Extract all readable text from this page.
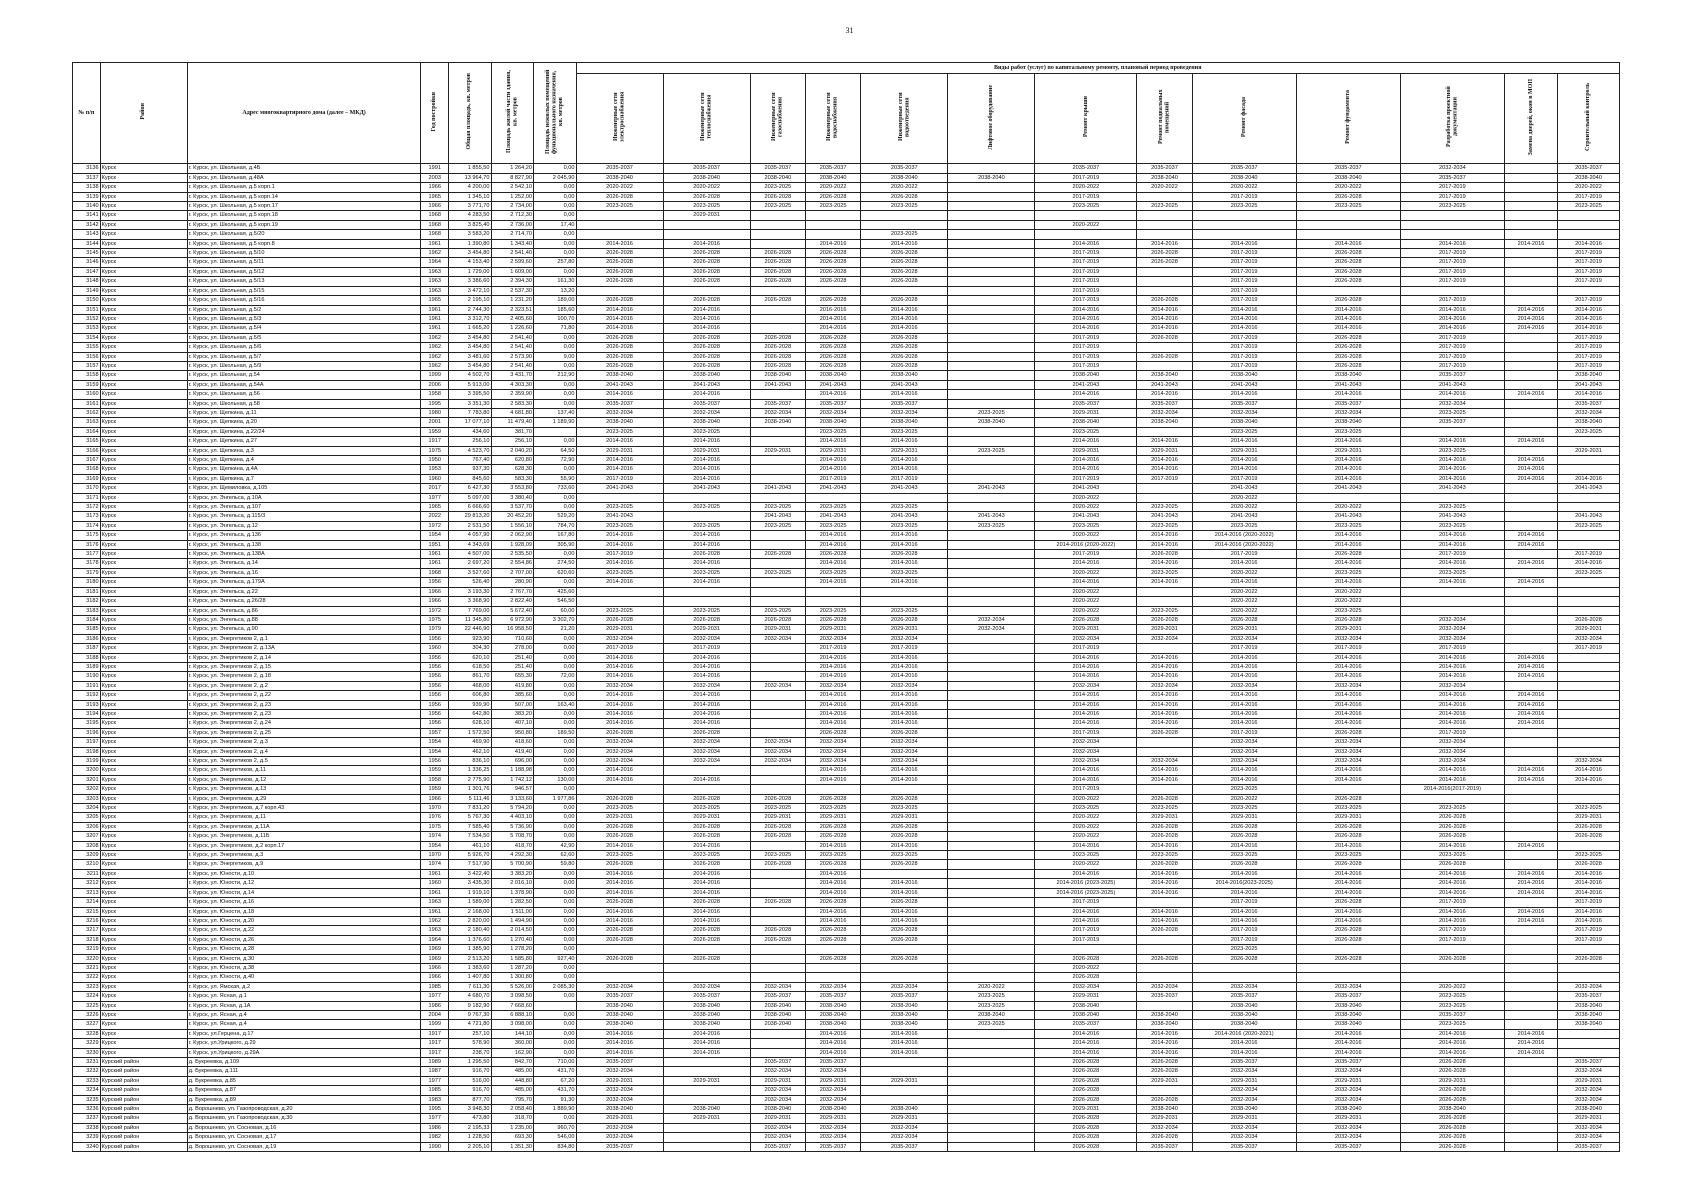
31
№ п/п	Район	Адрес многоквартирного дома (далее – МКД)	Год постройки	Общая площадь, кв. метров	Площадь жилой части здания, кв. метров	Площадь нежилых помещений функционального назначения, кв. метров	Виды работ (услуг) по капитальному ремонту, плановый период проведения												
							Инженерные сети электроснабжения	Инженерные сети теплоснабжения	Инженерные сети газоснабжения	Инженерные сети водоснабжения	Инженерные сети водоотведения	Лифтовое оборудование	Ремонт крыши	Ремонт подвальных помещений	Ремонт фасада	Ремонт фундамента	Разработка проектной документации	Замена дверей, окон в МОП	Строительный контроль
3136	Курск	г. Курск, ул. Школьная, д.4Б	1991	1 855,50	1 264,20	0,00	2035-2037	2035-2037	2035-2037	2035-2037	2035-2037		2035-2037	2035-2037	2035-2037	2035-2037	2032-2034		2035-2037
3137	Курск	г. Курск, ул. Школьная, д.48А	2003	13 964,70	8 827,90	2 045,90	2038-2040	2038-2040	2038-2040	2038-2040	2038-2040	2038-2040	2017-2019	2038-2040	2038-2040	2038-2040	2035-2037		2038-2040
3138	Курск	г. Курск, ул. Школьная, д.5 корп.1	1966	4 200,00	2 542,10	0,00	2020-2022	2020-2022	2023-2025	2020-2022	2020-2022		2020-2022	2020-2022	2020-2022	2020-2022	2017-2019		2020-2022
3139	Курск	г. Курск, ул. Школьная, д.5 корп.14	1965	1 345,10	1 252,00	0,00	2026-2028	2026-2028	2026-2028	2026-2028	2026-2028		2017-2019		2017-2019	2026-2028	2017-2019		2017-2019
3140	Курск	г. Курск, ул. Школьная, д.5 корп.17	1966	3 771,70	2 734,00	0,00	2023-2025	2023-2025	2023-2025	2023-2025	2023-2025		2023-2025	2023-2025	2023-2025	2023-2025	2023-2025		2023-2025
3141	Курск	г. Курск, ул. Школьная, д.5 корп.18	1968	4 283,50	2 712,30	0,00		2029-2031											
3142	Курск	г. Курск, ул. Школьная, д.5 корп.19	1968	3 825,40	2 736,00	17,40							2020-2022						
3143	Курск	г. Курск, ул. Школьная, д.5/20	1968	3 583,20	2 714,70	0,00					2023-2025								
3144	Курск	г. Курск, ул. Школьная, д.5 корп.8	1961	1 390,80	1 343,40	0,00	2014-2016	2014-2016		2014-2016	2014-2016		2014-2016	2014-2016	2014-2016	2014-2016	2014-2016	2014-2016	2014-2016
3145	Курск	г. Курск, ул. Школьная, д.5/10	1962	3 454,80	2 541,40	0,00	2026-2028	2026-2028	2026-2028	2026-2028	2026-2028		2017-2019	2026-2028	2017-2019	2026-2028	2017-2019		2017-2019
3146	Курск	г. Курск, ул. Школьная, д.5/11	1964	4 153,40	2 599,60	257,80	2026-2028	2026-2028	2026-2028	2026-2028	2026-2028		2017-2019	2026-2028	2017-2019	2026-2028	2017-2019		2017-2019
3147	Курск	г. Курск, ул. Школьная, д.5/12	1963	1 729,00	1 609,00	0,00	2026-2028	2026-2028	2026-2028	2026-2028	2026-2028		2017-2019		2017-2019	2026-2028	2017-2019		2017-2019
3148	Курск	г. Курск, ул. Школьная, д.5/13	1963	3 386,60	2 394,30	161,30	2026-2028	2026-2028	2026-2028	2026-2028	2026-2028		2017-2019		2017-2019	2026-2028	2017-2019		2017-2019
3149	Курск	г. Курск, ул. Школьная, д.5/15	1963	3 472,10	2 537,30	13,20							2017-2019		2017-2019				
3150	Курск	г. Курск, ул. Школьная, д.5/16	1965	2 195,10	1 231,20	189,00	2026-2028	2026-2028	2026-2028	2026-2028	2026-2028		2017-2019	2026-2028	2017-2019	2026-2028	2017-2019		2017-2019
3151	Курск	г. Курск, ул. Школьная, д.5/2	1961	2 744,30	2 323,51	185,60	2014-2016	2014-2016		2016-2016	2014-2016		2014-2016	2014-2016	2014-2016	2014-2016	2014-2016	2014-2016	2014-2016
3152	Курск	г. Курск, ул. Школьная, д.5/3	1961	3 312,70	2 405,60	100,70	2014-2016	2014-2016		2014-2016	2014-2016		2014-2016	2014-2016	2014-2016	2014-2016	2014-2016	2014-2016	2014-2016
3153	Курск	г. Курск, ул. Школьная, д.5/4	1961	1 665,20	1 226,60	71,80	2014-2016	2014-2016		2014-2016	2014-2016		2014-2016	2014-2016	2014-2016	2014-2016	2014-2016	2014-2016	2014-2016
3154	Курск	г. Курск, ул. Школьная, д.5/5	1962	3 454,80	2 541,40	0,00	2026-2028	2026-2028	2026-2028	2026-2028	2026-2028		2017-2019	2026-2028	2017-2019	2026-2028	2017-2019		2017-2019
3155	Курск	г. Курск, ул. Школьная, д.5/6	1962	3 454,80	2 541,40	0,00	2026-2028	2026-2028	2026-2028	2026-2028	2026-2028		2017-2019		2017-2019	2026-2028	2017-2019		2017-2019
3156	Курск	г. Курск, ул. Школьная, д.5/7	1962	3 481,60	2 573,90	9,00	2026-2028	2026-2028	2026-2028	2026-2028	2026-2028		2017-2019	2026-2028	2017-2019	2026-2028	2017-2019		2017-2019
3157	Курск	г. Курск, ул. Школьная, д.5/9	1962	3 454,80	2 541,40	0,00	2026-2028	2026-2028	2026-2028	2026-2028	2026-2028		2017-2019		2017-2019	2026-2028	2017-2019		2017-2019
3158	Курск	г. Курск, ул. Школьная, д.54	1999	4 502,70	3 431,70	212,90	2038-2040	2038-2040	2038-2040	2038-2040	2038-2040		2038-2040	2038-2040	2038-2040	2038-2040	2035-2037		2038-2040
3159	Курск	г. Курск, ул. Школьная, д.54А	2006	5 913,00	4 303,30	0,00	2041-2043	2041-2043	2041-2043	2041-2043	2041-2043		2041-2043	2041-2043	2041-2043	2041-2043	2041-2043		2041-2043
3160	Курск	г. Курск, ул. Школьная, д.56	1958	3 395,50	2 359,90	0,00	2014-2016	2014-2016		2014-2016	2014-2016		2014-2016	2014-2016	2014-2016	2014-2016	2014-2016	2014-2016	2014-2016
3161	Курск	г. Курск, ул. Школьная, д.58	1995	3 351,30	2 583,30	0,00	2035-2037	2035-2037	2035-2037	2035-2037	2035-2037		2035-2037	2035-2037	2035-2037	2035-2037	2032-2034		2035-2037
3162	Курск	г. Курск, ул. Щепкина, д.11	1980	7 783,80	4 681,80	137,40	2032-2034	2032-2034	2032-2034	2032-2034	2032-2034	2023-2025	2029-2031	2032-2034	2032-2034	2032-2034	2023-2025		2032-2034
3163	Курск	г. Курск, ул. Щепкина, д.20	2001	17 077,10	11 479,40	1 189,90	2038-2040	2038-2040	2038-2040	2038-2040	2038-2040	2038-2040	2038-2040	2038-2040	2038-2040	2038-2040	2035-2037		2038-2040
3164	Курск	г. Курск, ул. Щепкина, д.22/24	1959	434,60	381,70		2023-2025	2023-2025		2023-2025	2023-2025		2023-2025		2023-2025	2023-2025			2023-2025
3165	Курск	г. Курск, ул. Щепкина, д.27	1917	256,10	256,10	0,00	2014-2016	2014-2016		2014-2016	2014-2016		2014-2016	2014-2016	2014-2016	2014-2016	2014-2016	2014-2016	
3166	Курск	г. Курск, ул. Щепкина, д.3	1975	4 523,70	2 040,20	64,50	2029-2031	2029-2031	2029-2031	2029-2031	2029-2031	2023-2025	2029-2031	2029-2031	2029-2031	2029-2031	2023-2025		2029-2031
3167	Курск	г. Курск, ул. Щепкина, д.4	1950	767,40	620,80	72,90	2014-2016	2014-2016		2014-2016	2014-2016		2014-2016	2014-2016	2014-2016	2014-2016	2014-2016	2014-2016	
3168	Курск	г. Курск, ул. Щепкина, д.4А	1953	937,30	628,30	0,00	2014-2016	2014-2016		2014-2016	2014-2016		2014-2016	2014-2016	2014-2016	2014-2016	2014-2016	2014-2016	
3169	Курск	г. Курск, ул. Щепкина, д.7	1960	845,60	583,30	55,90	2017-2019	2014-2016		2017-2019	2017-2019		2017-2019	2017-2019	2017-2019	2014-2016	2014-2016	2014-2016	2014-2016
3170	Курск	г. Курск, ул. Щемиловка, д.105	2017	6 427,30	3 553,80	733,60	2041-2043	2041-2043	2041-2043	2041-2043	2041-2043	2041-2043	2041-2043		2041-2043	2041-2043	2041-2043		2041-2043
3171	Курск	г. Курск, ул. Энгельса, д.10А	1977	5 097,00	3 380,40	0,00							2020-2022		2020-2022				
3172	Курск	г. Курск, ул. Энгельса, д.107	1965	6 666,60	3 537,70	0,00	2023-2025	2023-2025	2023-2025	2023-2025	2023-2025		2020-2022	2023-2025	2020-2022	2020-2022	2023-2025		
3173	Курск	г. Курск, ул. Энгельса, д.115/3	2022	29 813,20	20 452,20	529,20	2041-2043		2041-2043	2041-2043	2041-2043	2041-2043	2041-2043	2041-2043	2041-2043	2041-2043	2041-2043		2041-2043
3174	Курск	г. Курск, ул. Энгельса, д.12	1972	2 531,50	1 556,10	784,70	2023-2025	2023-2025	2023-2025	2023-2025	2023-2025	2023-2025	2023-2025	2023-2025	2023-2025	2023-2025	2023-2025		2023-2025
3175	Курск	г. Курск, ул. Энгельса, д.136	1954	4 057,90	2 062,90	167,80	2014-2016	2014-2016		2014-2016	2014-2016		2020-2022	2014-2016	2014-2016 (2020-2022)	2014-2016	2014-2016	2014-2016	
3176	Курск	г. Курск, ул. Энгельса, д.138	1951	4 343,69	1 928,09	305,90	2014-2016	2014-2016		2014-2016	2014-2016		2014-2016 (2020-2022)	2014-2016	2014-2016 (2020-2022)	2014-2016	2014-2016	2014-2016	
3177	Курск	г. Курск, ул. Энгельса, д.138А	1961	4 507,00	2 535,50	0,00	2017-2019	2026-2028	2026-2028	2026-2028	2026-2028		2017-2019	2026-2028	2017-2019	2026-2028	2017-2019		2017-2019
3178	Курск	г. Курск, ул. Энгельса, д.14	1961	2 697,20	2 554,86	274,50	2014-2016	2014-2016		2014-2016	2014-2016		2014-2016	2014-2016	2014-2016	2014-2016	2014-2016	2014-2016	2014-2016
3179	Курск	г. Курск, ул. Энгельса, д.16	1968	3 527,60	2 707,00	620,60	2023-2025	2023-2025	2023-2025	2023-2025	2023-2025		2020-2022	2023-2025	2020-2022	2023-2025	2023-2025		2023-2025
3180	Курск	г. Курск, ул. Энгельса, д.179А	1956	526,40	280,90	0,00	2014-2016	2014-2016		2014-2016	2014-2016		2014-2016	2014-2016	2014-2016	2014-2016	2014-2016	2014-2016	
3181	Курск	г. Курск, ул. Энгельса, д.22	1966	3 193,30	2 767,70	425,60							2020-2022		2020-2022	2020-2022			
3182	Курск	г. Курск, ул. Энгельса, д.26/28	1966	3 368,90	2 822,40	546,50							2020-2022		2020-2022	2020-2022			
3183	Курск	г. Курск, ул. Энгельса, д.86	1972	7 769,00	5 672,40	60,00	2023-2025	2023-2025	2023-2025	2023-2025	2023-2025		2020-2022	2023-2025	2020-2022	2023-2025			
3184	Курск	г. Курск, ул. Энгельса, д.88	1975	11 345,80	6 972,90	3 302,70	2026-2028	2026-2028	2026-2028	2026-2028	2026-2028	2032-2034	2026-2028	2026-2028	2026-2028	2026-2028	2032-2034		2026-2028
3185	Курск	г. Курск, ул. Энгельса, д.90	1979	22 446,90	16 958,50	21,20	2029-2031	2029-2031	2029-2031	2029-2031	2029-2031	2032-2034	2029-2031	2029-2031	2029-2031	2029-2031	2032-2034		2029-2031
3186	Курск	г. Курск, ул. Энергетиков 2, д.1	1956	923,90	710,60	0,00	2032-2034	2032-2034	2032-2034	2032-2034	2032-2034		2032-2034	2032-2034	2032-2034	2032-2034	2032-2034		2032-2034
3187	Курск	г. Курск, ул. Энергетиков 2, д.13А	1960	304,30	278,00	0,00	2017-2019	2017-2019		2017-2019	2017-2019		2017-2019		2017-2019	2017-2019	2017-2019		2017-2019
3188	Курск	г. Курск, ул. Энергетиков 2, д.14	1956	620,10	251,40	0,00	2014-2016	2014-2016		2014-2016	2014-2016		2014-2016	2014-2016	2014-2016	2014-2016	2014-2016	2014-2016	
3189	Курск	г. Курск, ул. Энергетиков 2, д.15	1956	618,50	251,40	0,00	2014-2016	2014-2016		2014-2016	2014-2016		2014-2016	2014-2016	2014-2016	2014-2016	2014-2016	2014-2016	
3190	Курск	г. Курск, ул. Энергетиков 2, д.18	1956	861,70	655,30	72,00	2014-2016	2014-2016		2014-2016	2014-2016		2014-2016	2014-2016	2014-2016	2014-2016	2014-2016	2014-2016	
3191	Курск	г. Курск, ул. Энергетиков 2, д.2	1956	468,00	419,80	0,00	2032-2034	2032-2034	2032-2034	2032-2034	2032-2034		2032-2034	2032-2034	2032-2034	2032-2034	2032-2034		
3192	Курск	г. Курск, ул. Энергетиков 2, д.22	1956	606,80	385,60	0,00	2014-2016	2014-2016		2014-2016	2014-2016		2014-2016	2014-2016	2014-2016	2014-2016	2014-2016	2014-2016	
3193	Курск	г. Курск, ул. Энергетиков 2, д.23	1956	939,90	507,00	163,40	2014-2016	2014-2016		2014-2016	2014-2016		2014-2016	2014-2016	2014-2016	2014-2016	2014-2016	2014-2016	
3194	Курск	г. Курск, ул. Энергетиков 2, д.23	1956	642,80	383,20	0,00	2014-2016	2014-2016		2014-2016	2014-2016		2014-2016	2014-2016	2014-2016	2014-2016	2014-2016	2014-2016	
3195	Курск	г. Курск, ул. Энергетиков 2, д.24	1956	628,10	407,10	0,00	2014-2016	2014-2016		2014-2016	2014-2016		2014-2016	2014-2016	2014-2016	2014-2016	2014-2016	2014-2016	
3196	Курск	г. Курск, ул. Энергетиков 2, д.25	1957	1 572,50	950,80	189,50	2026-2028	2026-2028		2026-2028	2026-2028		2017-2019	2026-2028	2017-2019	2026-2028	2017-2019		
3197	Курск	г. Курск, ул. Энергетиков 2, д.3	1954	469,90	418,60	0,00	2032-2034	2032-2034	2032-2034	2032-2034	2032-2034		2032-2034		2032-2034	2032-2034	2032-2034		
3198	Курск	г. Курск, ул. Энергетиков 2, д.4	1954	462,10	419,40	0,00	2032-2034	2032-2034	2032-2034	2032-2034	2032-2034		2032-2034		2032-2034	2032-2034	2032-2034		
3199	Курск	г. Курск, ул. Энергетиков 2, д.5	1956	836,10	696,00	0,00	2032-2034	2032-2034	2032-2034	2032-2034	2032-2034		2032-2034	2032-2034	2032-2034	2032-2034	2032-2034		2032-2034
3200	Курск	г. Курск, ул. Энергетиков, д.11	1959	1 336,25	1 188,98	0,00	2014-2016			2014-2016	2014-2016		2014-2016	2014-2016	2014-2016	2014-2016	2014-2016	2014-2016	2014-2016
3201	Курск	г. Курск, ул. Энергетиков, д.12	1958	2 775,90	1 742,12	130,00	2014-2016	2014-2016		2014-2016	2014-2016		2014-2016	2014-2016	2014-2016	2014-2016	2014-2016	2014-2016	2014-2016
3202	Курск	г. Курск, ул. Энергетиков, д.13	1959	1 301,76	946,57	0,00							2017-2019		2023-2025		2014-2016(2017-2019)		
3203	Курск	г. Курск, ул. Энергетиков, д.29	1966	5 111,46	3 133,60	1 977,86	2026-2028	2026-2028	2026-2028	2026-2028	2026-2028		2020-2022	2026-2028	2020-2022	2026-2028			
3204	Курск	г. Курск, ул. Энергетиков, д.7 корп.43	1970	7 831,20	5 794,20	0,00	2023-2025	2023-2025	2023-2025	2023-2025	2023-2025		2023-2025	2023-2025	2023-2025	2023-2025	2023-2025		2023-2025
3205	Курск	г. Курск, ул. Энергетиков, д.11	1976	5 767,30	4 403,10	0,00	2029-2031	2029-2031	2029-2031	2029-2031	2029-2031		2020-2022	2029-2031	2029-2031	2029-2031	2026-2028		2029-2031
3206	Курск	г. Курск, ул. Энергетиков, д.11А	1975	7 585,40	5 736,90	0,00	2026-2028	2026-2028	2026-2028	2026-2028	2026-2028		2020-2022	2026-2028	2026-2028	2026-2028	2026-2028		2026-2028
3207	Курск	г. Курск, ул. Энергетиков, д.11Б	1974	7 534,50	5 708,70	0,00	2026-2028	2026-2028	2026-2028	2026-2028	2026-2028		2020-2022	2026-2028	2026-2028	2026-2028	2026-2028		2026-2028
3208	Курск	г. Курск, ул. Энергетиков, д.2 корп.17	1954	461,10	418,70	42,90	2014-2016	2014-2016		2014-2016	2014-2016		2014-2016	2014-2016	2014-2016	2014-2016	2014-2016	2014-2016	
3209	Курск	г. Курск, ул. Энергетиков, д.3	1970	5 926,70	4 292,30	62,60	2023-2025	2023-2025	2023-2025	2023-2025	2023-2025		2023-2025	2023-2025	2023-2025	2023-2025	2023-2025		2023-2025
3210	Курск	г. Курск, ул. Энергетиков, д.9	1974	7 517,90	5 700,90	59,80	2026-2028	2026-2028	2026-2028	2026-2028	2026-2028		2020-2022	2026-2028	2026-2028	2026-2028	2026-2028		2026-2028
3211	Курск	г. Курск, ул. Юности, д.10	1961	3 422,40	3 383,20	0,00	2014-2016	2014-2016		2014-2016			2014-2016	2014-2016	2014-2016	2014-2016	2014-2016	2014-2016	2014-2016
3212	Курск	г. Курск, ул. Юности, д.12	1960	3 435,30	2 016,10	0,00	2014-2016	2014-2016		2014-2016	2014-2016		2014-2016 (2023-2025)	2014-2016	2014-2016(2023-2025)	2014-2016	2014-2016	2014-2016	2014-2016
3213	Курск	г. Курск, ул. Юности, д.14	1961	1 919,10	1 378,90	0,00	2014-2016	2014-2016		2014-2016	2014-2016		2014-2016 (2023-2025)	2014-2016	2014-2016	2014-2016	2014-2016	2014-2016	2014-2016
3214	Курск	г. Курск, ул. Юности, д.16	1963	1 589,00	1 282,50	0,00	2026-2028	2026-2028	2026-2028	2026-2028	2026-2028		2017-2019		2017-2019	2026-2028	2017-2019		2017-2019
3215	Курск	г. Курск, ул. Юности, д.18	1961	2 168,00	1 511,00	0,00	2014-2016	2014-2016		2014-2016	2014-2016		2014-2016	2014-2016	2014-2016	2014-2016	2014-2016	2014-2016	2014-2016
3216	Курск	г. Курск, ул. Юности, д.20	1962	2 820,00	1 494,90	0,00	2014-2016	2014-2016		2014-2016	2014-2016		2014-2016	2014-2016	2014-2016	2014-2016	2014-2016	2014-2016	2014-2016
3217	Курск	г. Курск, ул. Юности, д.22	1963	2 180,40	2 014,50	0,00	2026-2028	2026-2028	2026-2028	2026-2028	2026-2028		2017-2019	2026-2028	2017-2019	2026-2028	2017-2019		2017-2019
3218	Курск	г. Курск, ул. Юности, д.26	1964	1 376,60	1 270,40	0,00	2026-2028	2026-2028	2026-2028	2026-2028	2026-2028		2017-2019		2017-2019	2026-2028	2017-2019		2017-2019
3219	Курск	г. Курск, ул. Юности, д.28	1969	1 385,90	1 278,20	0,00									2023-2025				
3220	Курск	г. Курск, ул. Юности, д.30	1969	2 513,20	1 585,80	927,40	2026-2028	2026-2028		2026-2028	2026-2028		2026-2028	2026-2028	2026-2028	2026-2028	2026-2028		2026-2028
3221	Курск	г. Курск, ул. Юности, д.38	1966	1 383,60	1 287,20	0,00							2020-2022						
3222	Курск	г. Курск, ул. Юности, д.40	1966	1 407,80	1 300,80	0,00							2026-2028						
3223	Курск	г. Курск, ул. Ямская, д.2	1985	7 611,30	5 526,00	2 085,30	2032-2034	2032-2034	2032-2034	2032-2034	2032-2034	2020-2022	2032-2034	2032-2034	2032-2034	2032-2034	2020-2022		2032-2034
3224	Курск	г. Курск, ул. Ясная, д.1	1977	4 680,70	3 098,50	0,00	2035-2037	2035-2037	2035-2037	2035-2037	2035-2037	2023-2025	2029-2031	2035-2037	2035-2037	2035-2037	2023-2025		2035-2037
3225	Курск	г. Курск, ул. Ясная, д.1А	1986	9 182,90	7 668,60		2038-2040	2038-2040	2038-2040	2038-2040	2038-2040	2023-2025	2038-2040		2038-2040	2038-2040	2023-2025		2038-2040
3226	Курск	г. Курск, ул. Ясная, д.4	2004	9 767,30	6 888,10	0,00	2038-2040	2038-2040	2038-2040	2038-2040	2038-2040	2038-2040	2038-2040	2038-2040	2038-2040	2038-2040	2035-2037		2038-2040
3227	Курск	г. Курск, ул. Ясная, д.4	1999	4 721,80	3 098,00	0,00	2038-2040	2038-2040	2038-2040	2038-2040	2038-2040	2023-2025	2035-2037	2038-2040	2038-2040	2038-2040	2023-2025		2038-2040
3228	Курск	г. Курск, ул.Герцена, д.17	1917	257,10	144,10	0,00	2014-2016	2014-2016		2014-2016	2014-2016		2014-2016	2014-2016	2014-2016 (2020-2021)	2014-2016	2014-2016	2014-2016	
3229	Курск	г. Курск, ул.Урицкого, д.29	1917	578,90	360,00	0,00	2014-2016	2014-2016		2014-2016	2014-2016		2014-2016	2014-2016	2014-2016	2014-2016	2014-2016	2014-2016	
3230	Курск	г. Курск, ул.Урицкого, д.29А	1917	238,70	162,90	0,00	2014-2016	2014-2016		2014-2016	2014-2016		2014-2016	2014-2016	2014-2016	2014-2016	2014-2016	2014-2016	
3231	Курский район	д. Букреевка, д.109	1989	1 295,50	842,70	710,00	2035-2037		2035-2037	2035-2037			2026-2028	2026-2028	2035-2037	2035-2037	2026-2028		2035-2037
3232	Курский район	д. Букреевка, д.111	1987	916,70	485,00	431,70	2032-2034		2032-2034	2032-2034			2026-2028	2026-2028	2032-2034	2032-2034	2026-2028		2032-2034
3233	Курский район	д. Букреевка, д.85	1977	516,00	448,80	67,20	2029-2031	2029-2031	2029-2031	2029-2031	2029-2031		2026-2028	2029-2031	2029-2031	2029-2031	2029-2031		2029-2031
3234	Курский район	д. Букреевка, д.87	1985	916,70	485,00	431,70	2032-2034		2032-2034	2032-2034			2026-2028		2032-2034	2032-2034	2026-2028		2032-2034
3235	Курский район	д. Букреевка, д.89	1983	877,70	795,70	91,30	2032-2034		2032-2034	2032-2034			2026-2028	2026-2028	2032-2034	2032-2034	2026-2028		2032-2034
3236	Курский район	д. Ворошнево, ул. Газопроводская, д.20	1995	3 948,30	2 058,40	1 889,90	2038-2040	2038-2040	2038-2040	2038-2040	2038-2040		2029-2031	2038-2040	2038-2040	2038-2040	2038-2040		2038-2040
3237	Курский район	д. Ворошнево, ул. Газопроводская, д.30	1977	473,80	318,70	0,00	2029-2031	2029-2031	2029-2031	2029-2031	2029-2031		2026-2028	2029-2031	2029-2031	2029-2031	2026-2028		2029-2031
3238	Курский район	д. Ворошнево, ул. Сосновая, д.16	1986	2 195,33	1 235,00	960,70	2032-2034		2032-2034	2032-2034	2032-2034		2026-2028	2032-2034	2032-2034	2032-2034	2026-2028		2032-2034
3239	Курский район	д. Ворошнево, ул. Сосновая, д.17	1982	1 228,50	693,30	546,00	2032-2034		2032-2034	2032-2034	2032-2034		2026-2028	2026-2028	2032-2034	2032-2034	2026-2028		2032-2034
3240	Курский район	д. Ворошнево, ул. Сосновая, д.19	1990	2 205,10	1 351,30	834,80	2035-2037		2035-2037	2035-2037	2035-2037		2026-2028	2035-2037	2035-2037	2035-2037	2026-2028		2035-2037
